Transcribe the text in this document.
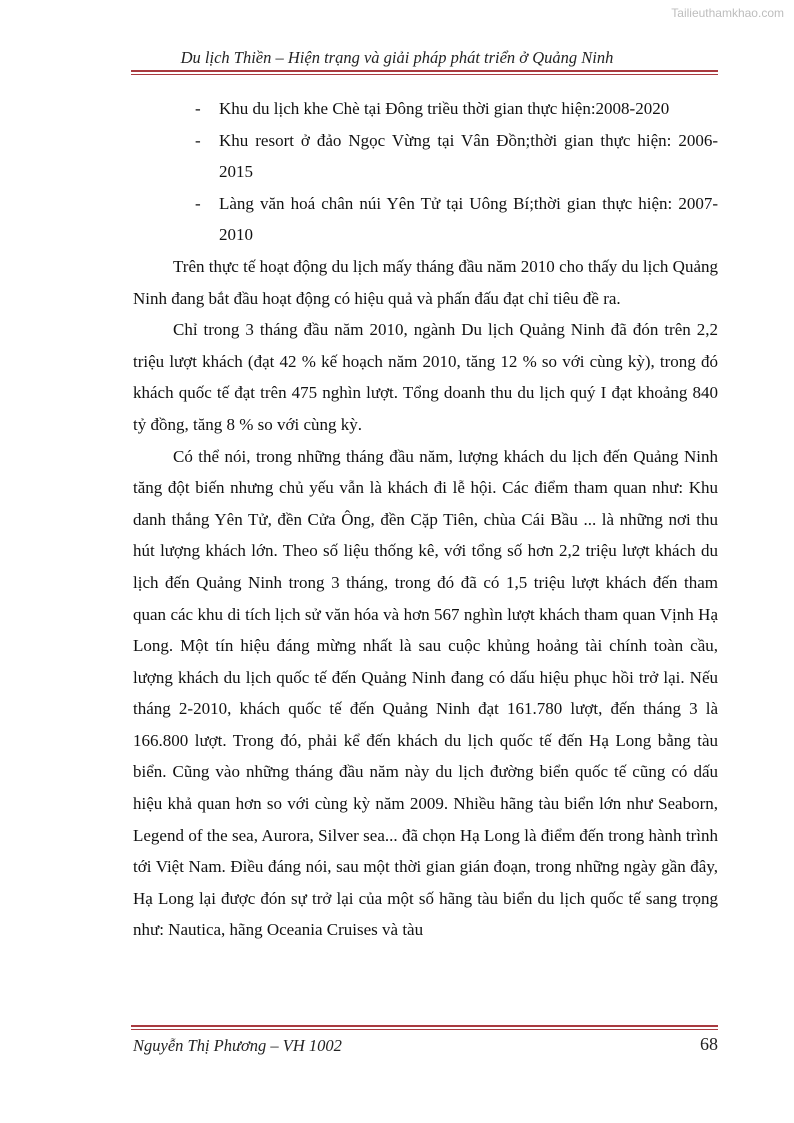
Tailieuthamkhao.com
Du lịch Thiền – Hiện trạng và giải pháp phát triển ở Quảng Ninh
- Khu du lịch khe Chè tại Đông triều thời gian thực hiện:2008-2020
- Khu resort ở đảo Ngọc Vừng tại Vân Đồn;thời gian thực hiện: 2006-2015
- Làng văn hoá chân núi Yên Tử tại Uông Bí;thời gian thực hiện: 2007-2010

Trên thực tế hoạt động du lịch mấy tháng đầu năm 2010 cho thấy du lịch Quảng Ninh đang bắt đầu hoạt động có hiệu quả và phấn đấu đạt chỉ tiêu đề ra.

Chỉ trong 3 tháng đầu năm 2010, ngành Du lịch Quảng Ninh đã đón trên 2,2 triệu lượt khách (đạt 42 % kế hoạch năm 2010, tăng 12 % so với cùng kỳ), trong đó khách quốc tế đạt trên 475 nghìn lượt. Tổng doanh thu du lịch quý I đạt khoảng 840 tỷ đồng, tăng 8 % so với cùng kỳ.

Có thể nói, trong những tháng đầu năm, lượng khách du lịch đến Quảng Ninh tăng đột biến nhưng chủ yếu vẫn là khách đi lễ hội. Các điểm tham quan như: Khu danh thắng Yên Tử, đền Cửa Ông, đền Cặp Tiên, chùa Cái Bầu ... là những nơi thu hút lượng khách lớn. Theo số liệu thống kê, với tổng số hơn 2,2 triệu lượt khách du lịch đến Quảng Ninh trong 3 tháng, trong đó đã có 1,5 triệu lượt khách đến tham quan các khu di tích lịch sử văn hóa và hơn 567 nghìn lượt khách tham quan Vịnh Hạ Long. Một tín hiệu đáng mừng nhất là sau cuộc khủng hoảng tài chính toàn cầu, lượng khách du lịch quốc tế đến Quảng Ninh đang có dấu hiệu phục hồi trở lại. Nếu tháng 2-2010, khách quốc tế đến Quảng Ninh đạt 161.780 lượt, đến tháng 3 là 166.800 lượt. Trong đó, phải kể đến khách du lịch quốc tế đến Hạ Long bằng tàu biển. Cũng vào những tháng đầu năm này du lịch đường biển quốc tế cũng có dấu hiệu khả quan hơn so với cùng kỳ năm 2009. Nhiều hãng tàu biển lớn như Seaborn, Legend of the sea, Aurora, Silver sea... đã chọn Hạ Long là điểm đến trong hành trình tới Việt Nam. Điều đáng nói, sau một thời gian gián đoạn, trong những ngày gần đây, Hạ Long lại được đón sự trở lại của một số hãng tàu biển du lịch quốc tế sang trọng như: Nautica, hãng Oceania Cruises và tàu

Nguyễn Thị Phương – VH 1002	68
